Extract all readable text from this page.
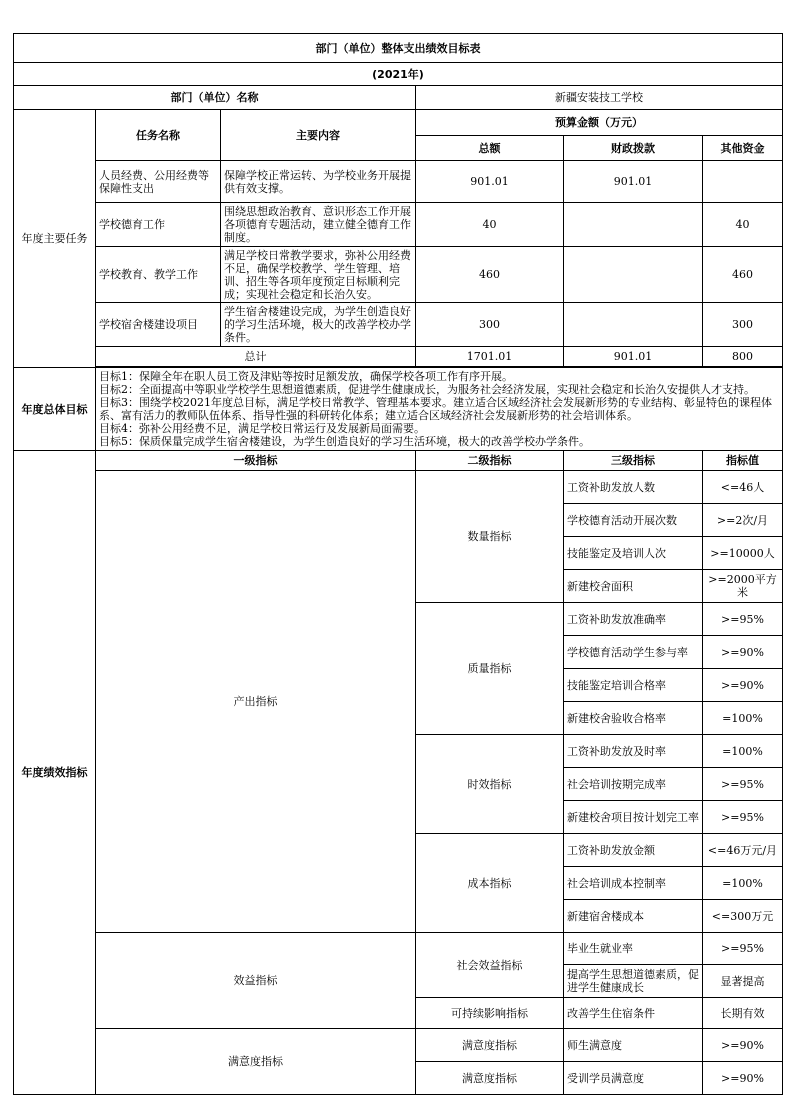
部门（单位）整体支出绩效目标表					
(2021年)					
部门（单位）名称			新疆安装技工学校		
年度主要任务	任务名称	主要内容	预算金额（万元）		
			总额	财政拨款	其他资金
	人员经费、公用经费等保障性支出	保障学校正常运转、为学校业务开展提供有效支撑。	901.01	901.01	
	学校德育工作	围绕思想政治教育、意识形态工作开展各项德育专题活动，建立健全德育工作制度。	40		40
	学校教育、教学工作	满足学校日常教学要求，弥补公用经费不足，确保学校教学、学生管理、培训、招生等各项年度预定目标顺利完成；实现社会稳定和长治久安。	460		460
	学校宿舍楼建设项目	学生宿舍楼建设完成，为学生创造良好的学习生活环境，极大的改善学校办学条件。	300		300
	总计		1701.01	901.01	800

年度总体目标	目标1：保障全年在职人员工资及津贴等按时足额发放，确保学校各项工作有序开展。
目标2：全面提高中等职业学校学生思想道德素质，促进学生健康成长，为服务社会经济发展，实现社会稳定和长治久安提供人才支持。
目标3：围绕学校2021年度总目标，满足学校日常教学、管理基本要求。建立适合区域经济社会发展新形势的专业结构、彰显特色的课程体系、富有活力的教师队伍体系、指导性强的科研转化体系；建立适合区域经济社会发展新形势的社会培训体系。
目标4：弥补公用经费不足，满足学校日常运行及发展新局面需要。
目标5：保质保量完成学生宿舍楼建设，为学生创造良好的学习生活环境，极大的改善学校办学条件。				

年度绩效指标	一级指标		二级指标	三级指标	指标值
	产出指标		数量指标	工资补助发放人数	<=46人
				学校德育活动开展次数	>=2次/月
				技能鉴定及培训人次	>=10000人
				新建校舍面积	>=2000平方米
			质量指标	工资补助发放准确率	>=95%
				学校德育活动学生参与率	>=90%
				技能鉴定培训合格率	>=90%
				新建校舍验收合格率	=100%
			时效指标	工资补助发放及时率	=100%
				社会培训按期完成率	>=95%
				新建校舍项目按计划完工率	>=95%
			成本指标	工资补助发放金额	<=46万元/月
				社会培训成本控制率	=100%
				新建宿舍楼成本	<=300万元
	效益指标		社会效益指标	毕业生就业率	>=95%
				提高学生思想道德素质，促进学生健康成长	显著提高
			可持续影响指标	改善学生住宿条件	长期有效
	满意度指标		满意度指标	师生满意度	>=90%
			满意度指标	受训学员满意度	>=90%
